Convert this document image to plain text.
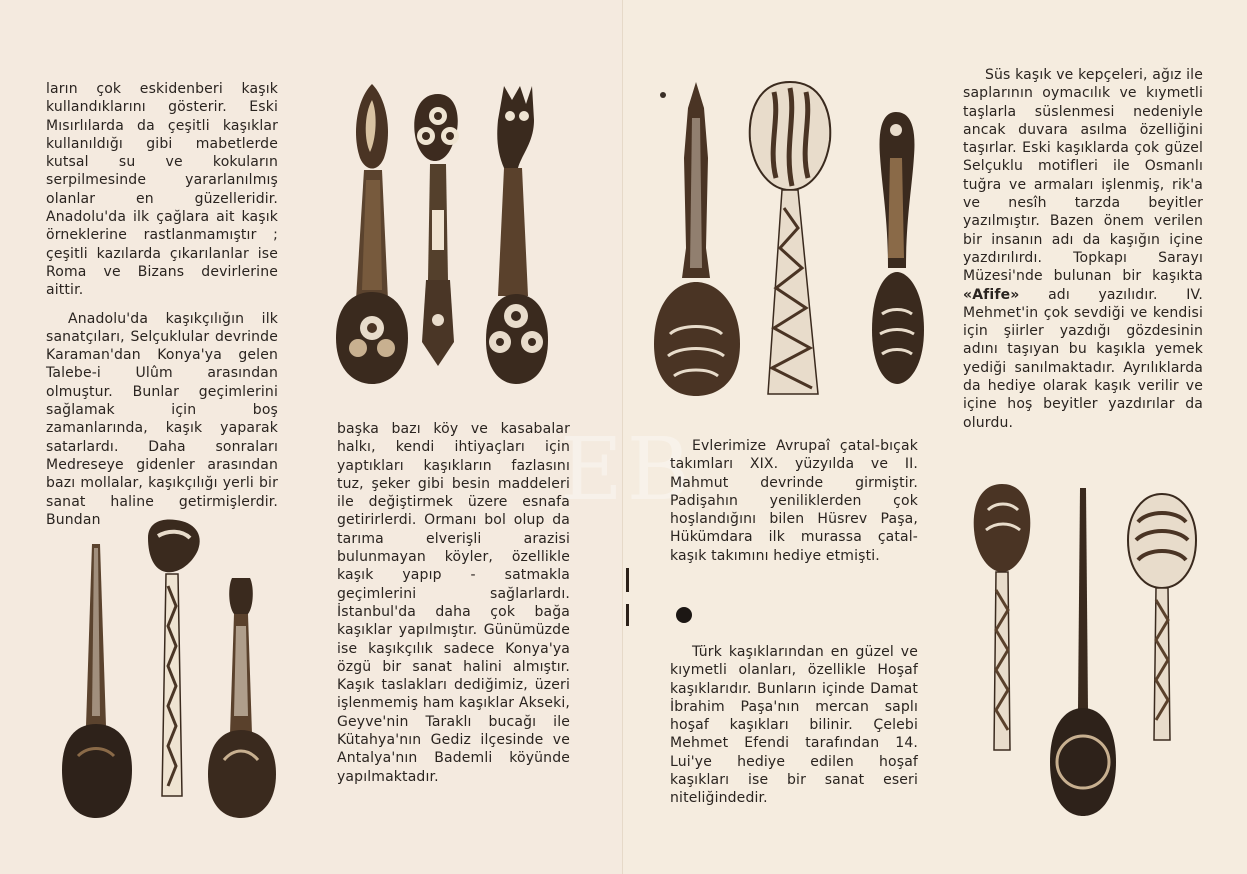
EB

ların çok eskidenberi kaşık kullandıklarını gösterir. Eski Mısırlılarda da çeşitli kaşıklar kullanıldığı gibi mabetlerde kutsal su ve kokuların serpilmesinde yararlanılmış olanlar en güzelleridir. Anadolu'da ilk çağlara ait kaşık örneklerine rastlanmamıştır ; çeşitli kazılarda çıkarılanlar ise Roma ve Bizans devirlerine aittir.

Anadolu'da kaşıkçılığın ilk sanatçıları, Selçuklular devrinde Karaman'dan Konya'ya gelen Talebe-i Ulûm arasından olmuştur. Bunlar geçimlerini sağlamak için boş zamanlarında, kaşık yaparak satarlardı. Daha sonraları Medreseye gidenler arasından bazı mollalar, kaşıkçılığı yerli bir sanat haline getirmişlerdir. Bundan

başka bazı köy ve kasabalar halkı, kendi ihtiyaçları için yaptıkları kaşıkların fazlasını tuz, şeker gibi besin maddeleri ile değiştirmek üzere esnafa getirirlerdi. Ormanı bol olup da tarıma elverişli arazisi bulunmayan köyler, özellikle kaşık yapıp - satmakla geçimlerini sağlarlardı. İstanbul'da daha çok bağa kaşıklar yapılmıştır. Günümüzde ise kaşıkçılık sadece Konya'ya özgü bir sanat halini almıştır. Kaşık taslakları dediğimiz, üzeri işlenmemiş ham kaşıklar Akseki, Geyve'nin Taraklı bucağı ile Kütahya'nın Gediz ilçesinde ve Antalya'nın Bademli köyünde yapılmaktadır.

Evlerimize Avrupaî çatal-bıçak takımları XIX. yüzyılda ve II. Mahmut devrinde girmiştir. Padişahın yeniliklerden çok hoşlandığını bilen Hüsrev Paşa, Hükümdara ilk murassa çatal-kaşık takımını hediye etmişti.

Türk kaşıklarından en güzel ve kıymetli olanları, özellikle Hoşaf kaşıklarıdır. Bunların içinde Damat İbrahim Paşa'nın mercan saplı hoşaf kaşıkları bilinir. Çelebi Mehmet Efendi tarafından 14. Lui'ye hediye edilen hoşaf kaşıkları ise bir sanat eseri niteliğindedir.

Süs kaşık ve kepçeleri, ağız ile saplarının oymacılık ve kıymetli taşlarla süslenmesi nedeniyle ancak duvara asılma özelliğini taşırlar. Eski kaşıklarda çok güzel Selçuklu motifleri ile Osmanlı tuğra ve armaları işlenmiş, rik'a ve nesîh tarzda beyitler yazılmıştır. Bazen önem verilen bir insanın adı da kaşığın içine yazdırılırdı. Topkapı Sarayı Müzesi'nde bulunan bir kaşıkta «Afife» adı yazılıdır. IV. Mehmet'in çok sevdiği ve kendisi için şiirler yazdığı gözdesinin adını taşıyan bu kaşıkla yemek yediği sanılmaktadır. Ayrılıklarda da hediye olarak kaşık verilir ve içine hoş beyitler yazdırılar da olurdu.
